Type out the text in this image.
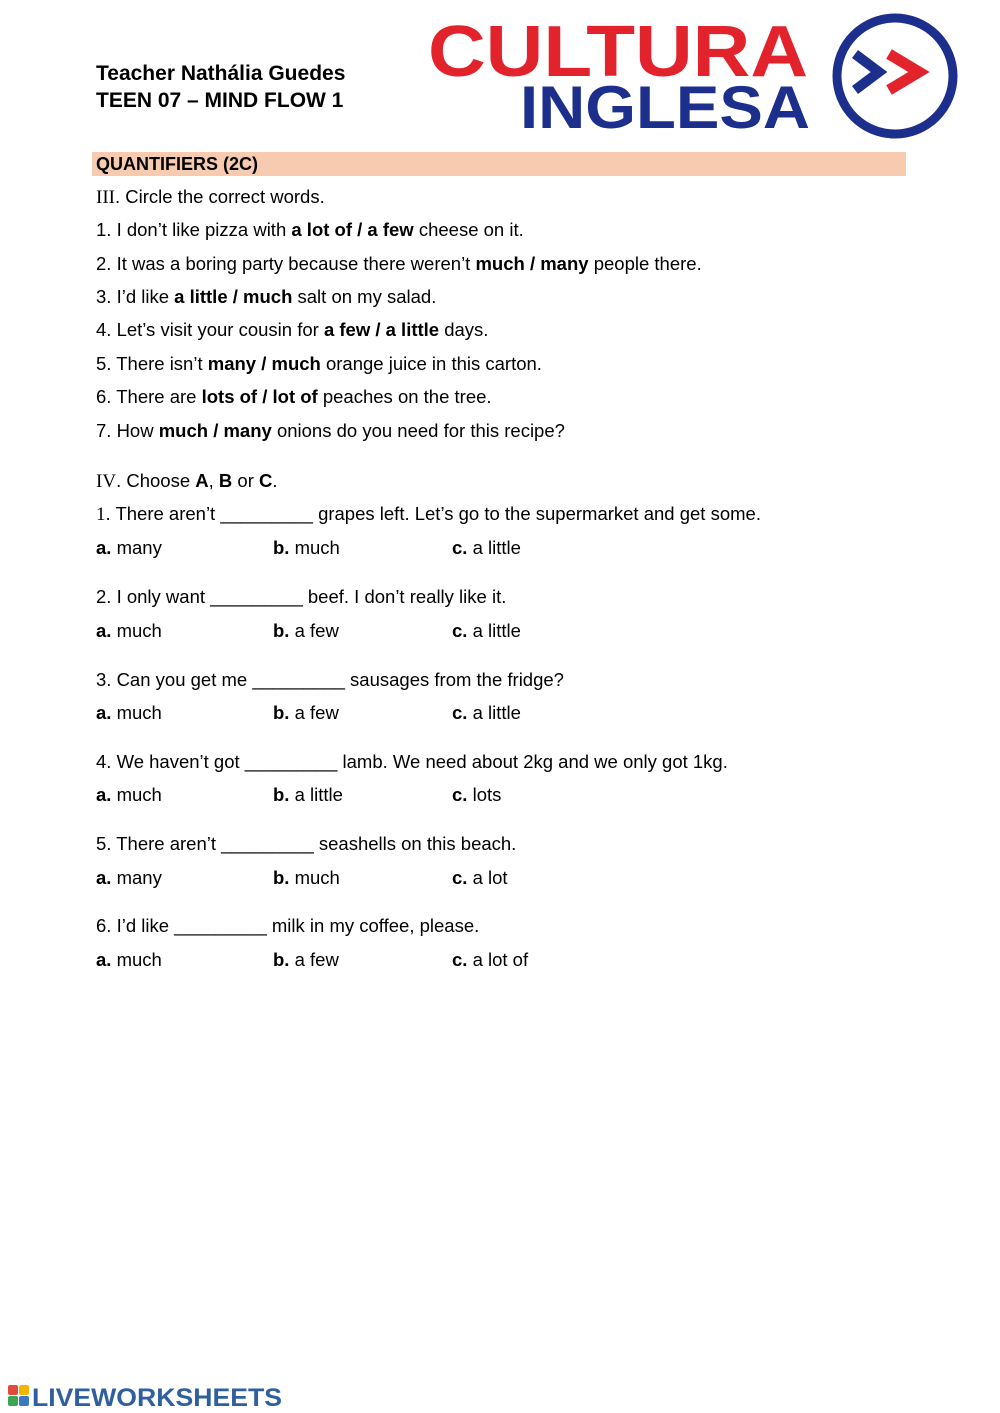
Teacher Nathália Guedes
TEEN 07 – MIND FLOW 1
CULTURA
INGLESA
QUANTIFIERS (2C)
III. Circle the correct words.
1. I don’t like pizza with a lot of / a few cheese on it.
2. It was a boring party because there weren’t much / many people there.
3. I’d like a little / much salt on my salad.
4. Let’s visit your cousin for a few / a little days.
5. There isn’t many / much orange juice in this carton.
6. There are lots of / lot of peaches on the tree.
7. How much / many onions do you need for this recipe?
IV. Choose A, B or C.
1. There aren’t _________ grapes left. Let’s go to the supermarket and get some.
a. many	b. much	c. a little
2. I only want _________ beef. I don’t really like it.
a. much	b. a few	c. a little
3. Can you get me _________ sausages from the fridge?
a. much	b. a few	c. a little
4. We haven’t got _________ lamb. We need about 2kg and we only got 1kg.
a. much	b. a little	c. lots
5. There aren’t _________ seashells on this beach.
a. many	b. much	c. a lot
6. I’d like _________ milk in my coffee, please.
a. much	b. a few	c. a lot of
LIVEWORKSHEETS
